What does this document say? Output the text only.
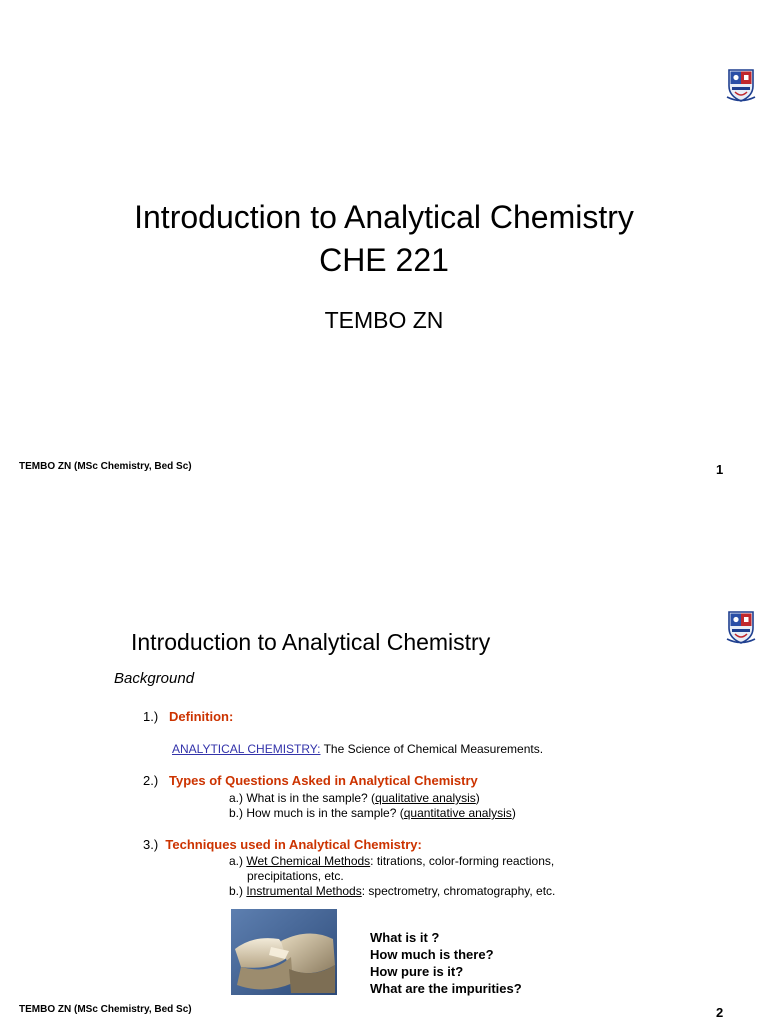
Introduction to Analytical Chemistry
CHE 221
TEMBO ZN
TEMBO ZN (MSc Chemistry, Bed Sc)	1
Introduction to Analytical Chemistry
Background
1.) Definition:
ANALYTICAL CHEMISTRY: The Science of Chemical Measurements.
2.) Types of Questions Asked in Analytical Chemistry
a.) What is in the sample? (qualitative analysis)
b.) How much is in the sample? (quantitative analysis)
3.) Techniques used in Analytical Chemistry:
a.) Wet Chemical Methods: titrations, color-forming reactions,
precipitations, etc.
b.) Instrumental Methods: spectrometry, chromatography, etc.
What is it ?
How much is there?
How pure is it?
What are the impurities?
TEMBO ZN (MSc Chemistry, Bed Sc)	2
